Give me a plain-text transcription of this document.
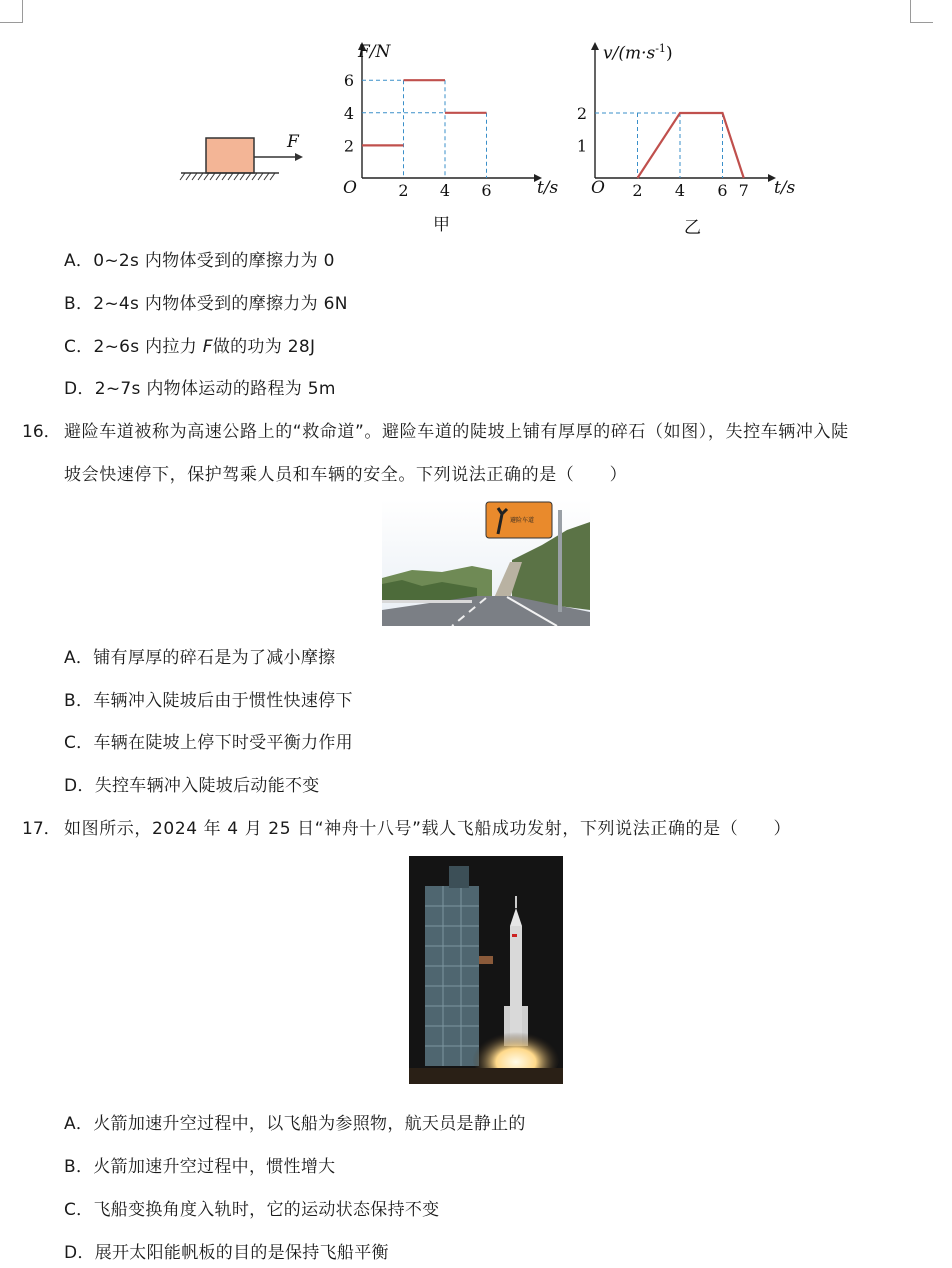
F
2 4 6
2
4
6
F/N
t/s
O
甲
2 4 6 7
1
2
$v/(m\cdot s^{-1})$
t/s
O
乙
A．0~2s 内物体受到的摩擦力为 0
B．2~4s 内物体受到的摩擦力为 6N
C．2~6s 内拉力 F做的功为 28J
D．2~7s 内物体运动的路程为 5m
16． 避险车道被称为高速公路上的“救命道”。避险车道的陡坡上铺有厚厚的碎石（如图），失控车辆冲入陡
坡会快速停下，保护驾乘人员和车辆的安全。下列说法正确的是（　　）
避险车道
A．铺有厚厚的碎石是为了减小摩擦
B．车辆冲入陡坡后由于惯性快速停下
C．车辆在陡坡上停下时受平衡力作用
D．失控车辆冲入陡坡后动能不变
17． 如图所示，2024 年 4 月 25 日“神舟十八号”载人飞船成功发射，下列说法正确的是（　　）
A．火箭加速升空过程中，以飞船为参照物，航天员是静止的
B．火箭加速升空过程中，惯性增大
C．飞船变换角度入轨时，它的运动状态保持不变
D．展开太阳能帆板的目的是保持飞船平衡
